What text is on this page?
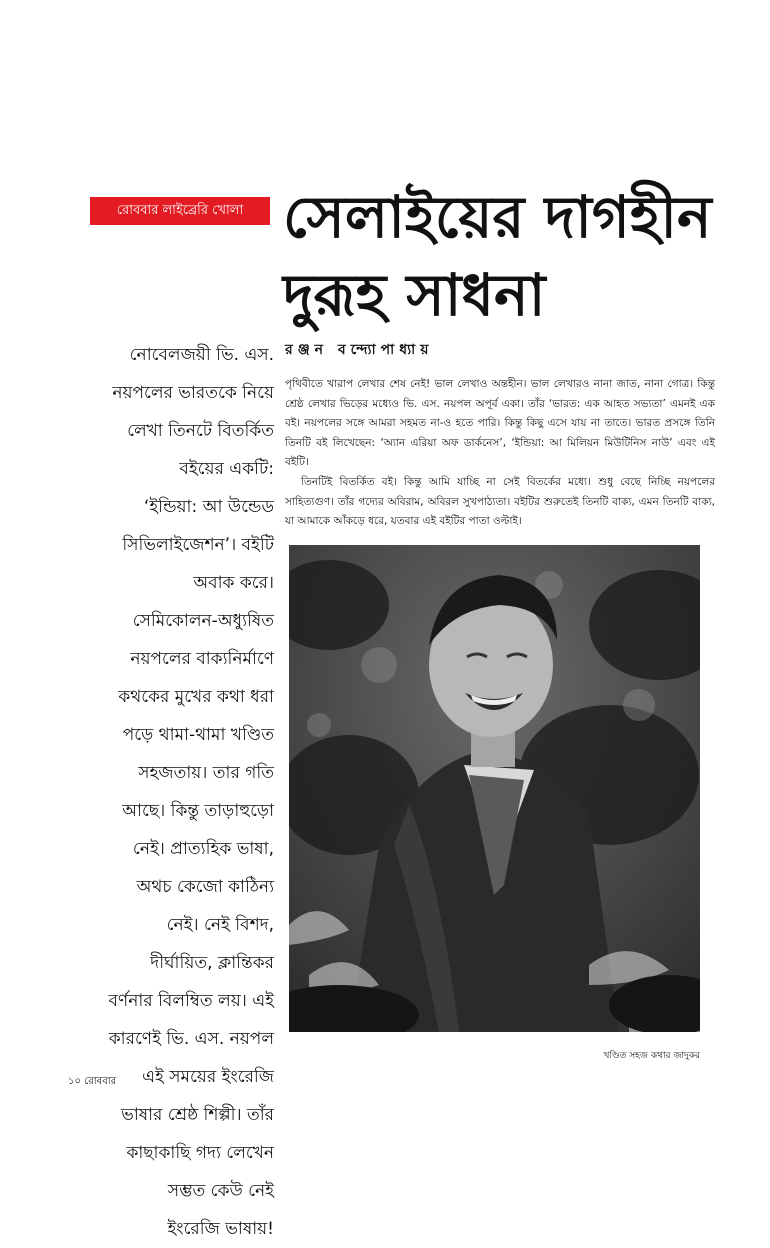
রোববার লাইব্রেরি খোলা সেলাইয়ের দাগহীন
দুরূহ সাধনা
রঞ্জন বন্দ্যোপাধ্যায়
নোবেলজয়ী ভি. এস.
নয়পলের ভারতকে নিয়ে
লেখা তিনটে বিতর্কিত
বইয়ের একটি:
‘ইন্ডিয়া: আ উন্ডেড
সিভিলাইজেশন’। বইটি
অবাক করে।
সেমিকোলন-অধ্যুষিত
নয়পলের বাক্যনির্মাণে
কথকের মুখের কথা ধরা
পড়ে থামা-থামা খণ্ডিত
সহজতায়। তার গতি
আছে। কিন্তু তাড়াহুড়ো
নেই। প্রাত্যহিক ভাষা,
অথচ কেজো কাঠিন্য
নেই। নেই বিশদ,
দীর্ঘায়িত, ক্লান্তিকর
বর্ণনার বিলম্বিত লয়। এই
কারণেই ভি. এস. নয়পল
এই সময়ের ইংরেজি
ভাষার শ্রেষ্ঠ শিল্পী। তাঁর
কাছাকাছি গদ্য লেখেন
সম্ভত কেউ নেই
ইংরেজি ভাষায়!

পৃথিবীতে খারাপ লেখার শেষ নেই! ভাল লেখাও অন্তহীন। ভাল লেখারও নানা জাত, নানা গোত্র। কিন্তু শ্রেষ্ঠ লেখার ভিড়ের মধ্যেও ভি. এস. নয়পল অপূর্ব একা। তাঁর ‘ভারত: এক আহত সভ্যতা’ এমনই এক বই। নয়পলের সঙ্গে আমরা সহমত না-ও হতে পারি। কিন্তু কিছু এসে যায় না তাতে। ভারত প্রসঙ্গে তিনি তিনটি বই লিখেছেন: ‘অ্যান এরিয়া অফ ডার্কনেস’, ‘ইন্ডিয়া: আ মিলিয়ন মিউটিনিস নাউ’ এবং এই বইটি।

তিনটিই বিতর্কিত বই। কিন্তু আমি যাচ্ছি না সেই বিতর্কের মধ্যে। শুধু বেছে নিচ্ছি নয়পলের সাহিত্যগুণ। তাঁর গদ্যের অবিরাম, অবিরল সুখপাঠ্যতা। বইটির শুরুতেই তিনটি বাক্য, এমন তিনটি বাক্য, যা আমাকে আঁকড়ে ধরে, যতবার এই বইটির পাতা ওল্টাই।

খণ্ডিত সহজ কথার জাদুকর
১০ রোববার
